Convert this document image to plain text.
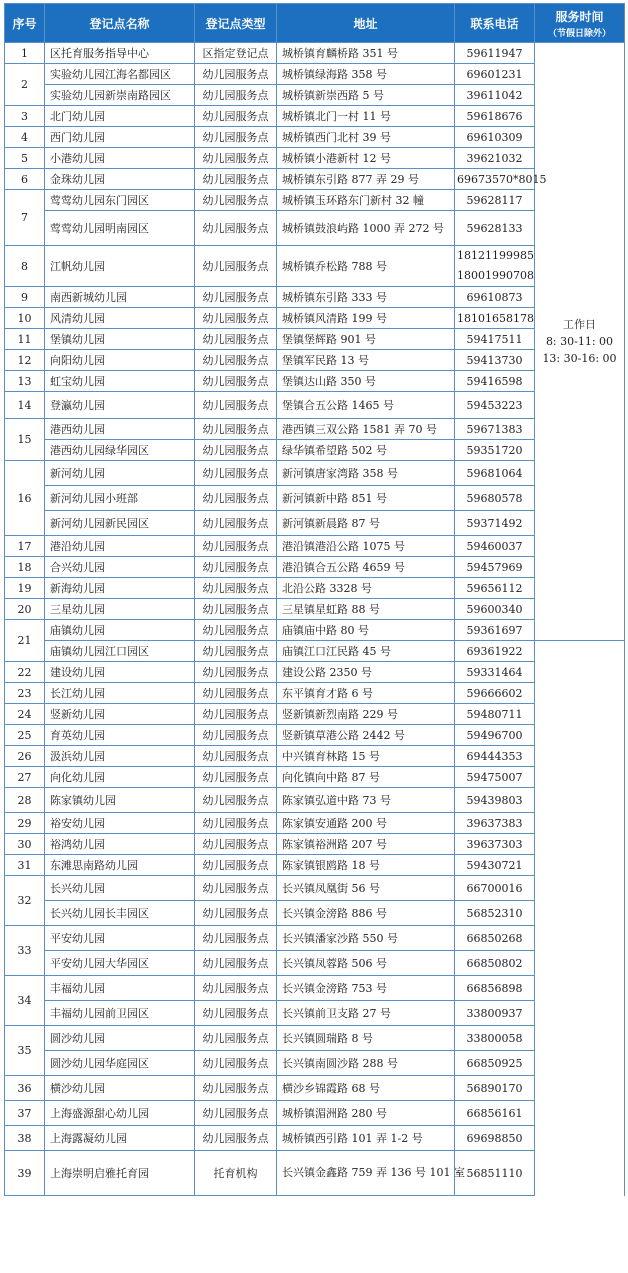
序号	登记点名称	登记点类型	地址	联系电话	服务时间
（节假日除外）	

1	区托育服务指导中心	区指定登记点	城桥镇育麟桥路 351 号	59611947	工作日
8: 30-11: 00
13: 30-16: 00	
2	实验幼儿园江海名都园区	幼儿园服务点	城桥镇绿海路 358 号	69601231		
	实验幼儿园新崇南路园区	幼儿园服务点	城桥镇新崇西路 5 号	39611042		
3	北门幼儿园	幼儿园服务点	城桥镇北门一村 11 号	59618676		
4	西门幼儿园	幼儿园服务点	城桥镇西门北村 39 号	69610309		
5	小港幼儿园	幼儿园服务点	城桥镇小港新村 12 号	39621032		
6	金珠幼儿园	幼儿园服务点	城桥镇东引路 877 弄 29 号	69673570*8015		
7	莺莺幼儿园东门园区	幼儿园服务点	城桥镇玉环路东门新村 32 幢	59628117		
	莺莺幼儿园明南园区	幼儿园服务点	城桥镇鼓浪屿路 1000 弄 272 号	59628133		
8	江帆幼儿园	幼儿园服务点	城桥镇乔松路 788 号	18121199985
18001990708		
9	南西新城幼儿园	幼儿园服务点	城桥镇东引路 333 号	69610873		
10	风清幼儿园	幼儿园服务点	城桥镇风清路 199 号	18101658178		
11	堡镇幼儿园	幼儿园服务点	堡镇堡辉路 901 号	59417511		
12	向阳幼儿园	幼儿园服务点	堡镇军民路 13 号	59413730		
13	虹宝幼儿园	幼儿园服务点	堡镇达山路 350 号	59416598		
14	登瀛幼儿园	幼儿园服务点	堡镇合五公路 1465 号	59453223		
15	港西幼儿园	幼儿园服务点	港西镇三双公路 1581 弄 70 号	59671383		
	港西幼儿园绿华园区	幼儿园服务点	绿华镇希望路 502 号	59351720		
16	新河幼儿园	幼儿园服务点	新河镇唐家湾路 358 号	59681064		
	新河幼儿园小班部	幼儿园服务点	新河镇新中路 851 号	59680578		
	新河幼儿园新民园区	幼儿园服务点	新河镇新晨路 87 号	59371492		
17	港沿幼儿园	幼儿园服务点	港沿镇港沿公路 1075 号	59460037	

18	合兴幼儿园	幼儿园服务点	港沿镇合五公路 4659 号	59457969		
19	新海幼儿园	幼儿园服务点	北沿公路 3328 号	59656112		
20	三星幼儿园	幼儿园服务点	三星镇星虹路 88 号	59600340		
21	庙镇幼儿园	幼儿园服务点	庙镇庙中路 80 号	59361697		
	庙镇幼儿园江口园区	幼儿园服务点	庙镇江口江民路 45 号	69361922		
22	建设幼儿园	幼儿园服务点	建设公路 2350 号	59331464		
23	长江幼儿园	幼儿园服务点	东平镇育才路 6 号	59666602		
24	竖新幼儿园	幼儿园服务点	竖新镇新烈南路 229 号	59480711		
25	育英幼儿园	幼儿园服务点	竖新镇草港公路 2442 号	59496700		
26	汲浜幼儿园	幼儿园服务点	中兴镇育林路 15 号	69444353		
27	向化幼儿园	幼儿园服务点	向化镇向中路 87 号	59475007		
28	陈家镇幼儿园	幼儿园服务点	陈家镇弘道中路 73 号	59439803		
29	裕安幼儿园	幼儿园服务点	陈家镇安通路 200 号	39637383		
30	裕鸿幼儿园	幼儿园服务点	陈家镇裕洲路 207 号	39637303		
31	东滩思南路幼儿园	幼儿园服务点	陈家镇银鸥路 18 号	59430721		
32	长兴幼儿园	幼儿园服务点	长兴镇凤凰街 56 号	66700016		
	长兴幼儿园长丰园区	幼儿园服务点	长兴镇金滂路 886 号	56852310		
33	平安幼儿园	幼儿园服务点	长兴镇潘家沙路 550 号	66850268		
	平安幼儿园大华园区	幼儿园服务点	长兴镇凤蓉路 506 号	66850802		
34	丰福幼儿园	幼儿园服务点	长兴镇金滂路 753 号	66856898		
	丰福幼儿园前卫园区	幼儿园服务点	长兴镇前卫支路 27 号	33800937		
35	圆沙幼儿园	幼儿园服务点	长兴镇圆瑞路 8 号	33800058		
	圆沙幼儿园华庭园区	幼儿园服务点	长兴镇南圆沙路 288 号	66850925		
36	横沙幼儿园	幼儿园服务点	横沙乡锦霞路 68 号	56890170		
37	上海盛源甜心幼儿园	幼儿园服务点	城桥镇湄洲路 280 号	66856161		
38	上海露凝幼儿园	幼儿园服务点	城桥镇西引路 101 弄 1-2 号	69698850		
39	上海崇明启雅托育园	托育机构	长兴镇金鑫路 759 弄 136 号 101 室	56851110		
